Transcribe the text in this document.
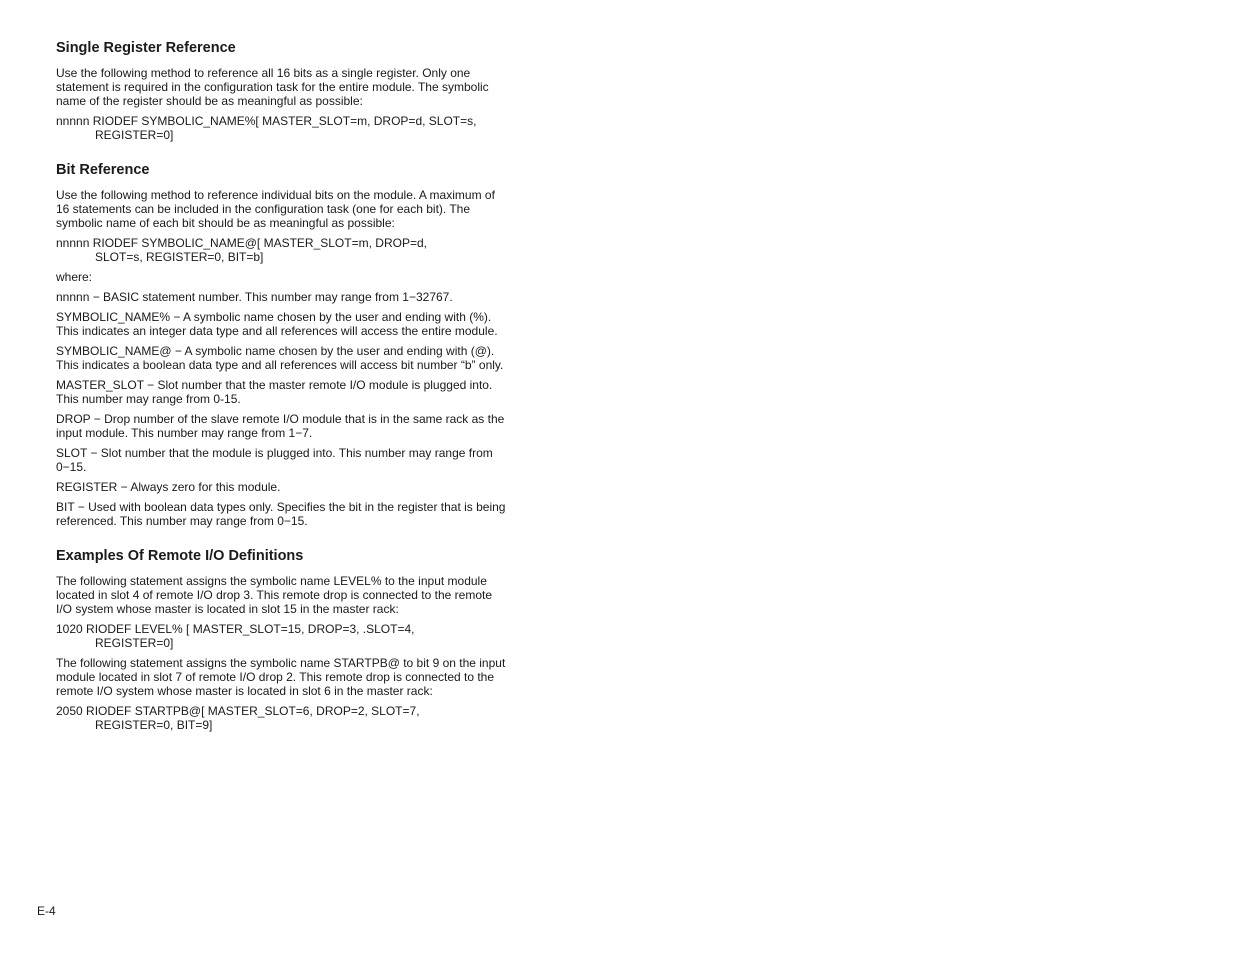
Single Register Reference

Use the following method to reference all 16 bits as a single register. Only one statement is required in the configuration task for the entire module. The symbolic name of the register should be as meaningful as possible:

nnnnn RIODEF SYMBOLIC_NAME%[ MASTER_SLOT=m, DROP=d, SLOT=s,
REGISTER=0]
Bit Reference

Use the following method to reference individual bits on the module. A maximum of 16 statements can be included in the configuration task (one for each bit). The symbolic name of each bit should be as meaningful as possible:

nnnnn RIODEF SYMBOLIC_NAME@[ MASTER_SLOT=m, DROP=d,
SLOT=s, REGISTER=0, BIT=b]

where:

nnnnn − BASIC statement number. This number may range from 1−32767.

SYMBOLIC_NAME% − A symbolic name chosen by the user and ending with (%). This indicates an integer data type and all references will access the entire module.

SYMBOLIC_NAME@ − A symbolic name chosen by the user and ending with (@). This indicates a boolean data type and all references will access bit number “b” only.

MASTER_SLOT − Slot number that the master remote I/O module is plugged into. This number may range from 0-15.

DROP − Drop number of the slave remote I/O module that is in the same rack as the input module. This number may range from 1−7.

SLOT − Slot number that the module is plugged into. This number may range from 0−15.

REGISTER − Always zero for this module.

BIT − Used with boolean data types only. Specifies the bit in the register that is being referenced. This number may range from 0−15.

Examples Of Remote I/O Definitions

The following statement assigns the symbolic name LEVEL% to the input module located in slot 4 of remote I/O drop 3. This remote drop is connected to the remote I/O system whose master is located in slot 15 in the master rack:

1020 RIODEF LEVEL% [ MASTER_SLOT=15, DROP=3, .SLOT=4,
REGISTER=0]

The following statement assigns the symbolic name STARTPB@ to bit 9 on the input module located in slot 7 of remote I/O drop 2. This remote drop is connected to the remote I/O system whose master is located in slot 6 in the master rack:

2050 RIODEF STARTPB@[ MASTER_SLOT=6, DROP=2, SLOT=7,
REGISTER=0, BIT=9]
E-4
